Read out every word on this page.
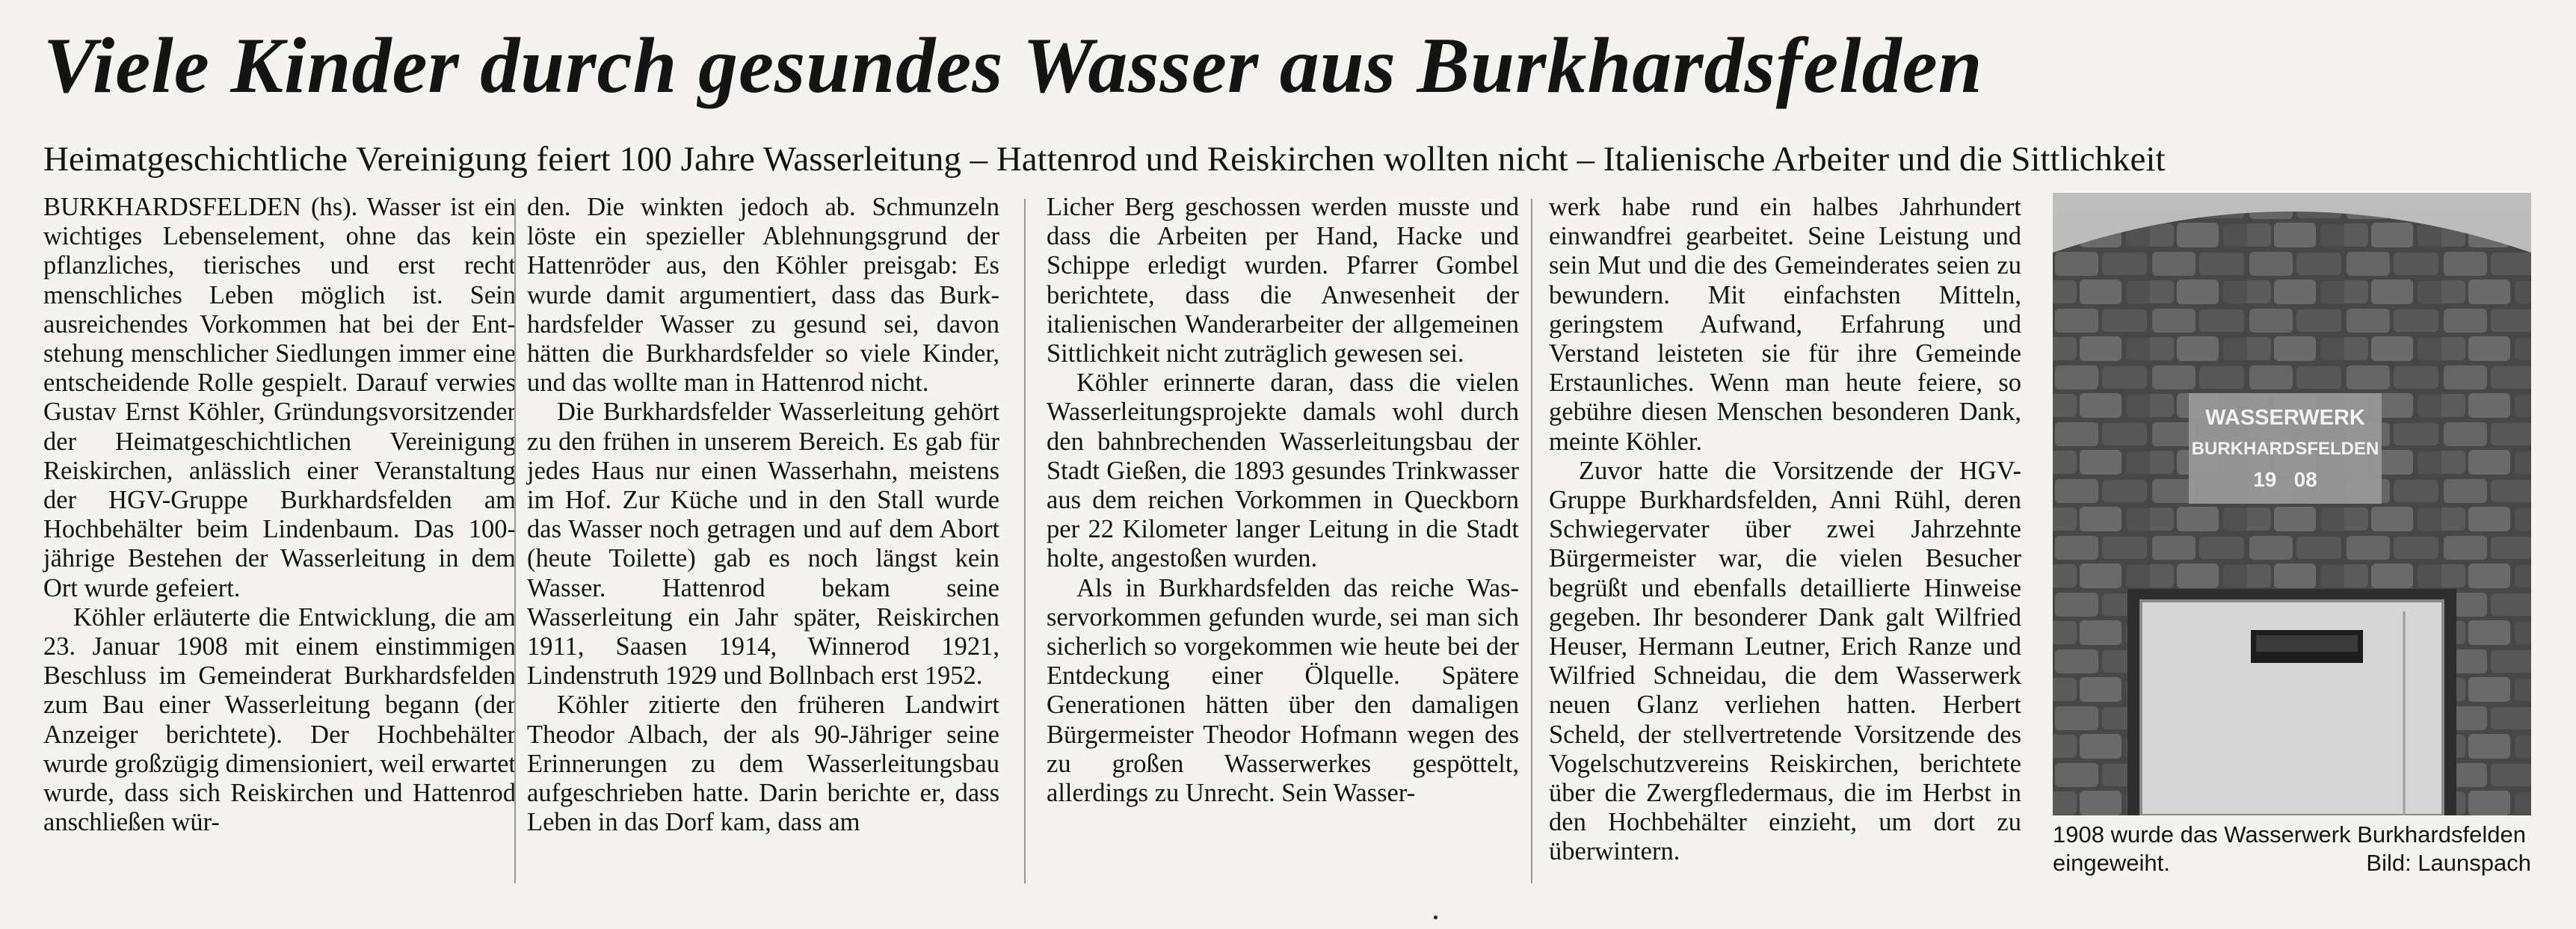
Viele Kinder durch gesundes Wasser aus Burkhardsfelden
Heimatgeschichtliche Vereinigung feiert 100 Jahre Wasserleitung – Hattenrod und Reiskirchen wollten nicht – Italienische Arbeiter und die Sittlichkeit

BURKHARDSFELDEN (hs). Wasser ist ein wichtiges Lebenselement, ohne das kein pflanzliches, tierisches und erst recht menschliches Leben möglich ist. Sein ausreichendes Vorkommen hat bei der Entstehung menschlicher Siedlungen immer eine entscheidende Rolle gespielt. Darauf verwies Gustav Ernst Köhler, Gründungsvorsitzender der Heimatgeschichtlichen Vereinigung Reiskirchen, anlässlich einer Veranstaltung der HGV-Gruppe Burkhardsfelden am Hochbehälter beim Lindenbaum. Das 100-jährige Bestehen der Wasserleitung in dem Ort wurde gefeiert.

Köhler erläuterte die Entwicklung, die am 23. Januar 1908 mit einem einstimmigen Beschluss im Gemeinderat Burkhardsfelden zum Bau einer Wasserleitung begann (der Anzeiger berichtete). Der Hochbehälter wurde großzügig dimensioniert, weil erwartet wurde, dass sich Reiskirchen und Hattenrod anschließen wür-

den. Die winkten jedoch ab. Schmunzeln löste ein spezieller Ablehnungsgrund der Hattenröder aus, den Köhler preisgab: Es wurde damit argumentiert, dass das Burkhardsfelder Wasser zu gesund sei, davon hätten die Burkhardsfelder so viele Kinder, und das wollte man in Hattenrod nicht.

Die Burkhardsfelder Wasserleitung gehört zu den frühen in unserem Bereich. Es gab für jedes Haus nur einen Wasserhahn, meistens im Hof. Zur Küche und in den Stall wurde das Wasser noch getragen und auf dem Abort (heute Toilette) gab es noch längst kein Wasser. Hattenrod bekam seine Wasserleitung ein Jahr später, Reiskirchen 1911, Saasen 1914, Winnerod 1921, Lindenstruth 1929 und Bollnbach erst 1952.

Köhler zitierte den früheren Landwirt Theodor Albach, der als 90-Jähriger seine Erinnerungen zu dem Wasserleitungsbau aufgeschrieben hatte. Darin berichte er, dass Leben in das Dorf kam, dass am

Licher Berg geschossen werden musste und dass die Arbeiten per Hand, Hacke und Schippe erledigt wurden. Pfarrer Gombel berichtete, dass die Anwesenheit der italienischen Wanderarbeiter der allgemeinen Sittlichkeit nicht zuträglich gewesen sei.

Köhler erinnerte daran, dass die vielen Wasserleitungsprojekte damals wohl durch den bahnbrechenden Wasserleitungsbau der Stadt Gießen, die 1893 gesundes Trinkwasser aus dem reichen Vorkommen in Queckborn per 22 Kilometer langer Leitung in die Stadt holte, angestoßen wurden.

Als in Burkhardsfelden das reiche Wasservorkommen gefunden wurde, sei man sich sicherlich so vorgekommen wie heute bei der Entdeckung einer Ölquelle. Spätere Generationen hätten über den damaligen Bürgermeister Theodor Hofmann wegen des zu großen Wasserwerkes gespöttelt, allerdings zu Unrecht. Sein Wasser-

werk habe rund ein halbes Jahrhundert einwandfrei gearbeitet. Seine Leistung und sein Mut und die des Gemeinderates seien zu bewundern. Mit einfachsten Mitteln, geringstem Aufwand, Erfahrung und Verstand leisteten sie für ihre Gemeinde Erstaunliches. Wenn man heute feiere, so gebühre diesen Menschen besonderen Dank, meinte Köhler.

Zuvor hatte die Vorsitzende der HGV-Gruppe Burkhardsfelden, Anni Rühl, deren Schwiegervater über zwei Jahrzehnte Bürgermeister war, die vielen Besucher begrüßt und ebenfalls detaillierte Hinweise gegeben. Ihr besonderer Dank galt Wilfried Heuser, Hermann Leutner, Erich Ranze und Wilfried Schneidau, die dem Wasserwerk neuen Glanz verliehen hatten. Herbert Scheld, der stellvertretende Vorsitzende des Vogelschutzvereins Reiskirchen, berichtete über die Zwergfledermaus, die im Herbst in den Hochbehälter einzieht, um dort zu überwintern.

WASSERWERK
BURKHARDSFELDEN
19   08
1908 wurde das Wasserwerk Burkhardsfelden eingeweiht.	Bild: Launspach
